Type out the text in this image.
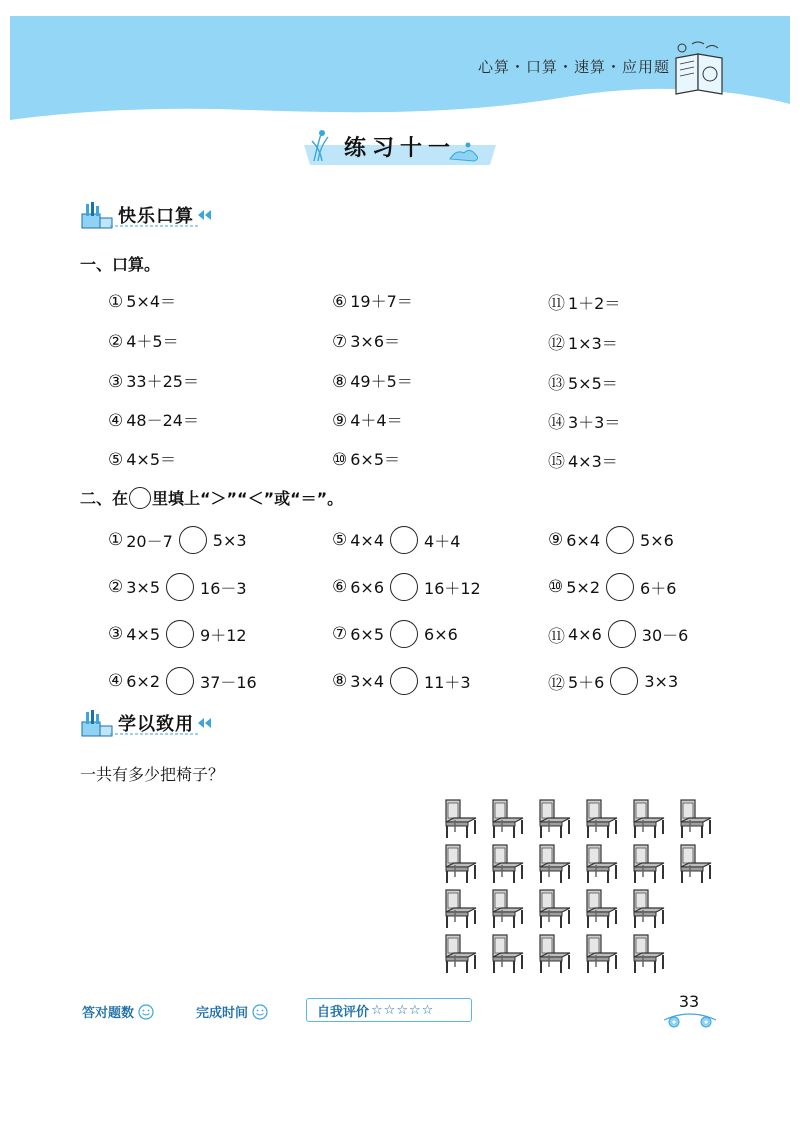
心算・口算・速算・应用题
练习十一
快乐口算
一、口算。
① 5×4＝
② 4＋5＝
③ 33＋25＝
④ 48－24＝
⑤ 4×5＝
⑥ 19＋7＝
⑦ 3×6＝
⑧ 49＋5＝
⑨ 4＋4＝
⑩ 6×5＝
⑪ 1＋2＝
⑫ 1×3＝
⑬ 5×5＝
⑭ 3＋3＝
⑮ 4×3＝
二、在 里填上“＞”“＜”或“＝”。
① 20－7	5×3
② 3×5	16－3
③ 4×5	9＋12
④ 6×2	37－16
⑤ 4×4	4＋4
⑥ 6×6	16＋12
⑦ 6×5	6×6
⑧ 3×4	11＋3
⑨ 6×4	5×6
⑩ 5×2	6＋6
⑪ 4×6	30－6
⑫ 5＋6	3×3
学以致用
一共有多少把椅子？
答对题数	完成时间	自我评价 ☆☆☆☆☆	33
